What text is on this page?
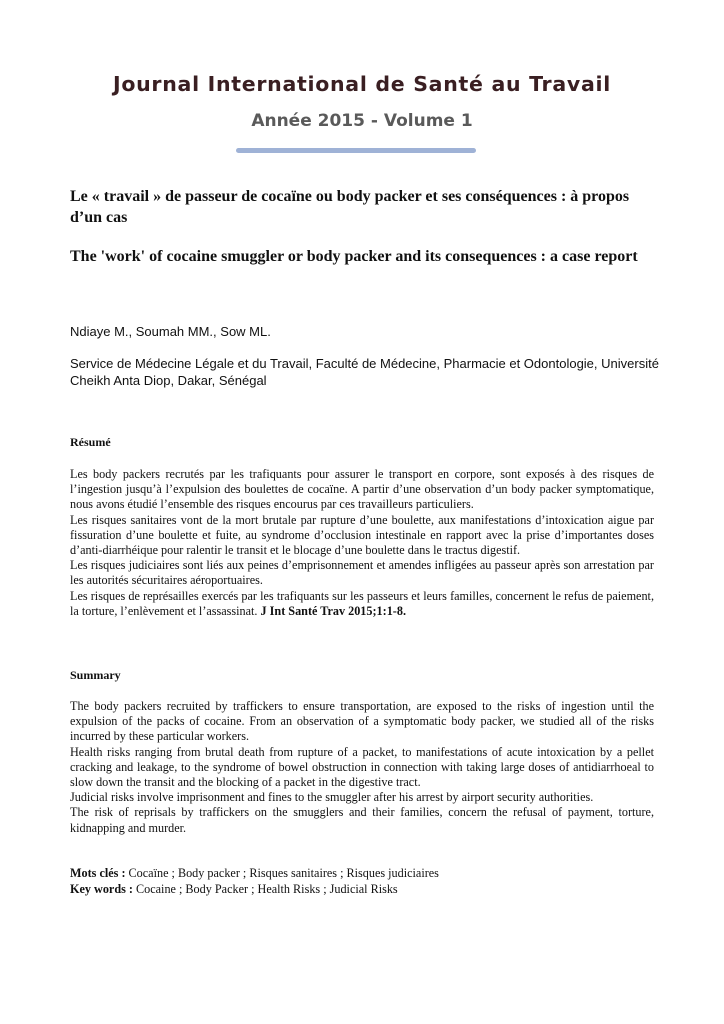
Journal International de Santé au Travail
Année 2015 - Volume 1
Le « travail » de passeur de cocaïne ou body packer et ses conséquences : à propos d’un cas
The 'work' of cocaine smuggler or body packer and its consequences : a case report
Ndiaye M., Soumah MM., Sow ML.
Service de Médecine Légale et du Travail, Faculté de Médecine, Pharmacie et Odontologie, Université Cheikh Anta Diop, Dakar, Sénégal
Résumé

Les body packers recrutés par les trafiquants pour assurer le transport en corpore, sont exposés à des risques de l’ingestion jusqu’à l’expulsion des boulettes de cocaïne. A partir d’une observation d’un body packer symptomatique, nous avons étudié l’ensemble des risques encourus par ces travailleurs particuliers.

Les risques sanitaires vont de la mort brutale par rupture d’une boulette, aux manifestations d’intoxication aigue par fissuration d’une boulette et fuite, au syndrome d’occlusion intestinale en rapport avec la prise d’importantes doses d’anti-diarrhéique pour ralentir le transit et le blocage d’une boulette dans le tractus digestif.

Les risques judiciaires sont liés aux peines d’emprisonnement et amendes infligées au passeur après son arrestation par les autorités sécuritaires aéroportuaires.

Les risques de représailles exercés par les trafiquants sur les passeurs et leurs familles, concernent le refus de paiement, la torture, l’enlèvement et l’assassinat. J Int Santé Trav 2015;1:1-8.

Summary

The body packers recruited by traffickers to ensure transportation, are exposed to the risks of ingestion until the expulsion of the packs of cocaine. From an observation of a symptomatic body packer, we studied all of the risks incurred by these particular workers.

Health risks ranging from brutal death from rupture of a packet, to manifestations of acute intoxication by a pellet cracking and leakage, to the syndrome of bowel obstruction in connection with taking large doses of antidiarrhoeal to slow down the transit and the blocking of a packet in the digestive tract.

Judicial risks involve imprisonment and fines to the smuggler after his arrest by airport security authorities.

The risk of reprisals by traffickers on the smugglers and their families, concern the refusal of payment, torture, kidnapping and murder.

Mots clés : Cocaïne ; Body packer ; Risques sanitaires ; Risques judiciaires
Key words : Cocaine ; Body Packer ; Health Risks ; Judicial Risks
